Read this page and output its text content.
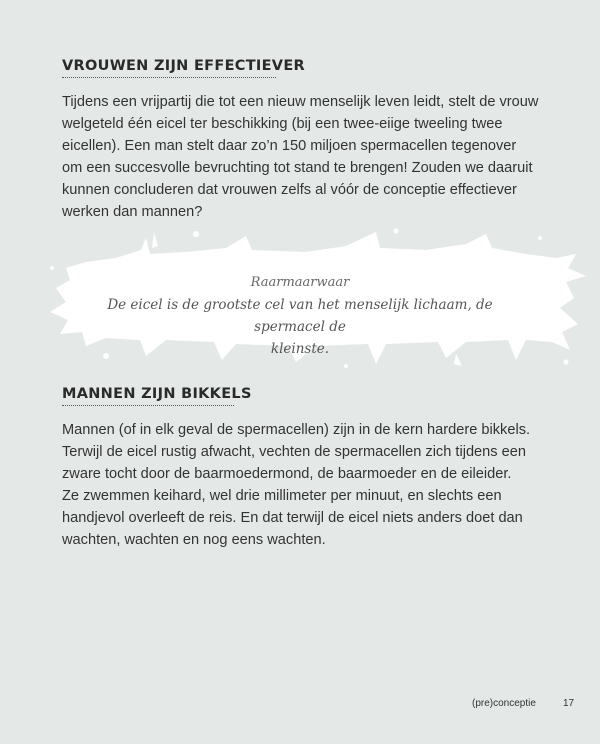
VROUWEN ZIJN EFFECTIEVER
Tijdens een vrijpartij die tot een nieuw menselijk leven leidt, stelt de vrouw
welgeteld één eicel ter beschikking (bij een twee-eiige tweeling twee
eicellen). Een man stelt daar zo’n 150 miljoen spermacellen tegenover
om een succesvolle bevruchting tot stand te brengen! Zouden we daaruit
kunnen concluderen dat vrouwen zelfs al vóór de conceptie effectiever
werken dan mannen?
Raarmaarwaar
De eicel is de grootste cel van het menselijk lichaam, de spermacel de
kleinste.
MANNEN ZIJN BIKKELS
Mannen (of in elk geval de spermacellen) zijn in de kern hardere bikkels.
Terwijl de eicel rustig afwacht, vechten de spermacellen zich tijdens een
zware tocht door de baarmoedermond, de baarmoeder en de eileider.
Ze zwemmen keihard, wel drie millimeter per minuut, en slechts een
handjevol overleeft de reis. En dat terwijl de eicel niets anders doet dan
wachten, wachten en nog eens wachten.
(pre)conceptie	17
